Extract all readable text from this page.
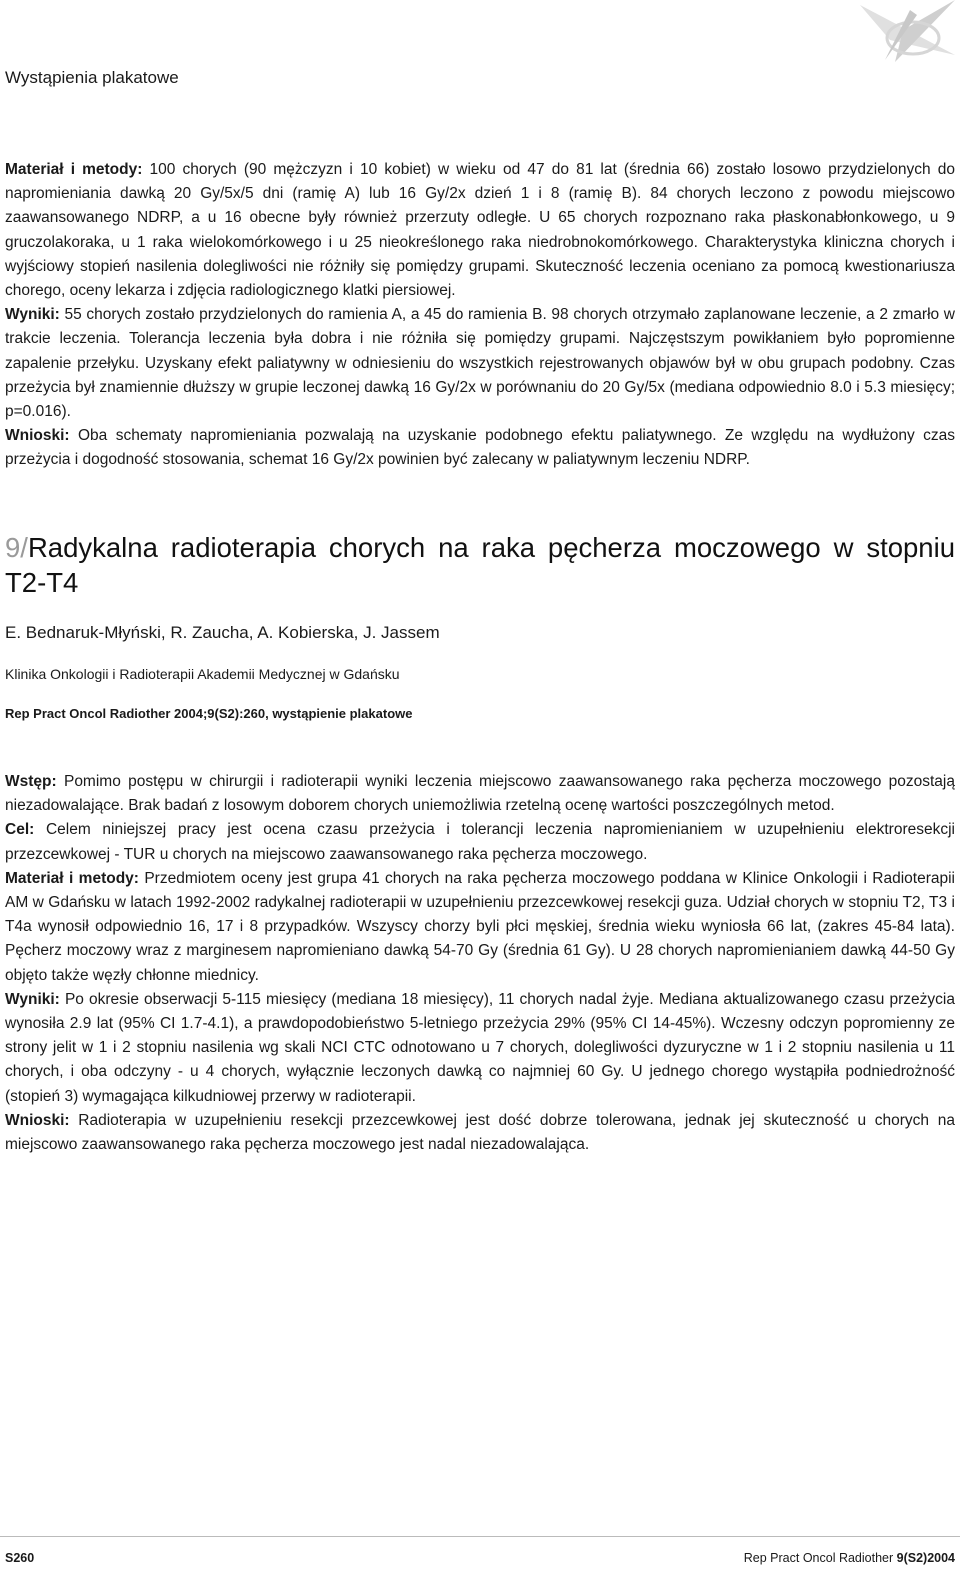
Wystąpienia plakatowe

Materiał i metody: 100 chorych (90 mężczyzn i 10 kobiet) w wieku od 47 do 81 lat (średnia 66) zostało losowo przydzielonych do napromieniania dawką 20 Gy/5x/5 dni (ramię A) lub 16 Gy/2x dzień 1 i 8 (ramię B). 84 chorych leczono z powodu miejscowo zaawansowanego NDRP, a u 16 obecne były również przerzuty odległe. U 65 chorych rozpoznano raka płaskonabłonkowego, u 9 gruczolakoraka, u 1 raka wielokomórkowego i u 25 nieokreślonego raka niedrobnokomórkowego. Charakterystyka kliniczna chorych i wyjściowy stopień nasilenia dolegliwości nie różniły się pomiędzy grupami. Skuteczność leczenia oceniano za pomocą kwestionariusza chorego, oceny lekarza i zdjęcia radiologicznego klatki piersiowej.

Wyniki: 55 chorych zostało przydzielonych do ramienia A, a 45 do ramienia B. 98 chorych otrzymało zaplanowane leczenie, a 2 zmarło w trakcie leczenia. Tolerancja leczenia była dobra i nie różniła się pomiędzy grupami. Najczęstszym powikłaniem było popromienne zapalenie przełyku. Uzyskany efekt paliatywny w odniesieniu do wszystkich rejestrowanych objawów był w obu grupach podobny. Czas przeżycia był znamiennie dłuższy w grupie leczonej dawką 16 Gy/2x w porównaniu do 20 Gy/5x (mediana odpowiednio 8.0 i 5.3 miesięcy; p=0.016).

Wnioski: Oba schematy napromieniania pozwalają na uzyskanie podobnego efektu paliatywnego. Ze względu na wydłużony czas przeżycia i dogodność stosowania, schemat 16 Gy/2x powinien być zalecany w paliatywnym leczeniu NDRP.

9/Radykalna radioterapia chorych na raka pęcherza moczowego w stopniu T2-T4
E. Bednaruk-Młyński, R. Zaucha, A. Kobierska, J. Jassem
Klinika Onkologii i Radioterapii Akademii Medycznej w Gdańsku
Rep Pract Oncol Radiother 2004;9(S2):260, wystąpienie plakatowe

Wstęp: Pomimo postępu w chirurgii i radioterapii wyniki leczenia miejscowo zaawansowanego raka pęcherza moczowego pozostają niezadowalające. Brak badań z losowym doborem chorych uniemożliwia rzetelną ocenę wartości poszczególnych metod.

Cel: Celem niniejszej pracy jest ocena czasu przeżycia i tolerancji leczenia napromienianiem w uzupełnieniu elektroresekcji przezcewkowej - TUR u chorych na miejscowo zaawansowanego raka pęcherza moczowego.

Materiał i metody: Przedmiotem oceny jest grupa 41 chorych na raka pęcherza moczowego poddana w Klinice Onkologii i Radioterapii AM w Gdańsku w latach 1992-2002 radykalnej radioterapii w uzupełnieniu przezcewkowej resekcji guza. Udział chorych w stopniu T2, T3 i T4a wynosił odpowiednio 16, 17 i 8 przypadków. Wszyscy chorzy byli płci męskiej, średnia wieku wyniosła 66 lat, (zakres 45-84 lata). Pęcherz moczowy wraz z marginesem napromieniano dawką 54-70 Gy (średnia 61 Gy). U 28 chorych napromienianiem dawką 44-50 Gy objęto także węzły chłonne miednicy.

Wyniki: Po okresie obserwacji 5-115 miesięcy (mediana 18 miesięcy), 11 chorych nadal żyje. Mediana aktualizowanego czasu przeżycia wynosiła 2.9 lat (95% CI 1.7-4.1), a prawdopodobieństwo 5-letniego przeżycia 29% (95% CI 14-45%). Wczesny odczyn popromienny ze strony jelit w 1 i 2 stopniu nasilenia wg skali NCI CTC odnotowano u 7 chorych, dolegliwości dyzuryczne w 1 i 2 stopniu nasilenia u 11 chorych, i oba odczyny - u 4 chorych, wyłącznie leczonych dawką co najmniej 60 Gy. U jednego chorego wystąpiła podniedrożność (stopień 3) wymagająca kilkudniowej przerwy w radioterapii.

Wnioski: Radioterapia w uzupełnieniu resekcji przezcewkowej jest dość dobrze tolerowana, jednak jej skuteczność u chorych na miejscowo zaawansowanego raka pęcherza moczowego jest nadal niezadowalająca.

S260	Rep Pract Oncol Radiother 9(S2)2004
